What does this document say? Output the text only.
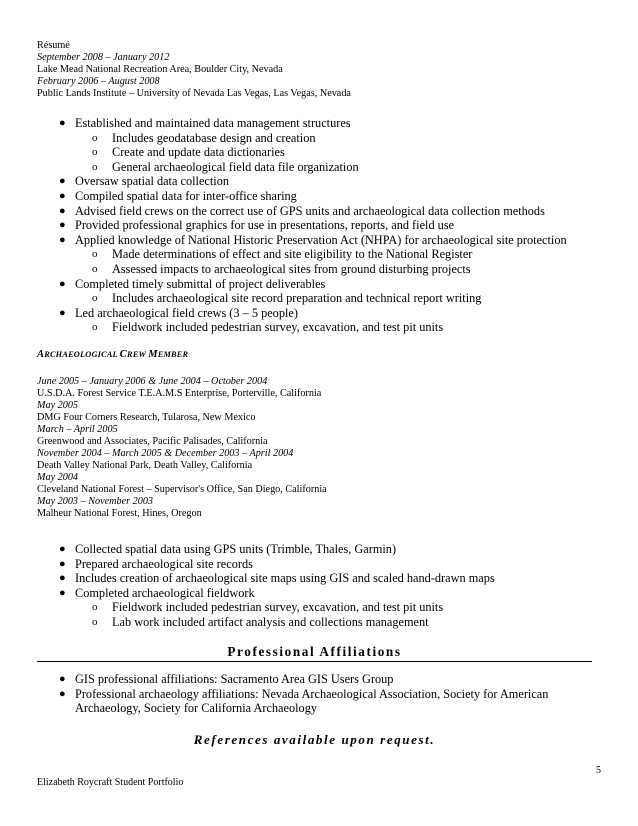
Résumé
September 2008 – January 2012
Lake Mead National Recreation Area, Boulder City, Nevada
February 2006 – August 2008
Public Lands Institute – University of Nevada Las Vegas, Las Vegas, Nevada
● Established and maintained data management structures
o Includes geodatabase design and creation
o Create and update data dictionaries
o General archaeological field data file organization
● Oversaw spatial data collection
● Compiled spatial data for inter-office sharing
● Advised field crews on the correct use of GPS units and archaeological data collection methods
● Provided professional graphics for use in presentations, reports, and field use
● Applied knowledge of National Historic Preservation Act (NHPA) for archaeological site protection
o Made determinations of effect and site eligibility to the National Register
o Assessed impacts to archaeological sites from ground disturbing projects
● Completed timely submittal of project deliverables
o Includes archaeological site record preparation and technical report writing
● Led archaeological field crews (3 – 5 people)
o Fieldwork included pedestrian survey, excavation, and test pit units
ARCHAEOLOGICAL CREW MEMBER
June 2005 – January 2006 & June 2004 – October 2004
U.S.D.A. Forest Service T.E.A.M.S Enterprise, Porterville, California
May 2005
DMG Four Corners Research, Tularosa, New Mexico
March – April 2005
Greenwood and Associates, Pacific Palisades, California
November 2004 – March 2005 & December 2003 – April 2004
Death Valley National Park, Death Valley, California
May 2004
Cleveland National Forest – Supervisor's Office, San Diego, California
May 2003 – November 2003
Malheur National Forest, Hines, Oregon
● Collected spatial data using GPS units (Trimble, Thales, Garmin)
● Prepared archaeological site records
● Includes creation of archaeological site maps using GIS and scaled hand-drawn maps
● Completed archaeological fieldwork
o Fieldwork included pedestrian survey, excavation, and test pit units
o Lab work included artifact analysis and collections management
Professional Affiliations
● GIS professional affiliations: Sacramento Area GIS Users Group
● Professional archaeology affiliations: Nevada Archaeological Association, Society for American Archaeology, Society for California Archaeology
References available upon request.
5
Elizabeth Roycraft Student Portfolio
